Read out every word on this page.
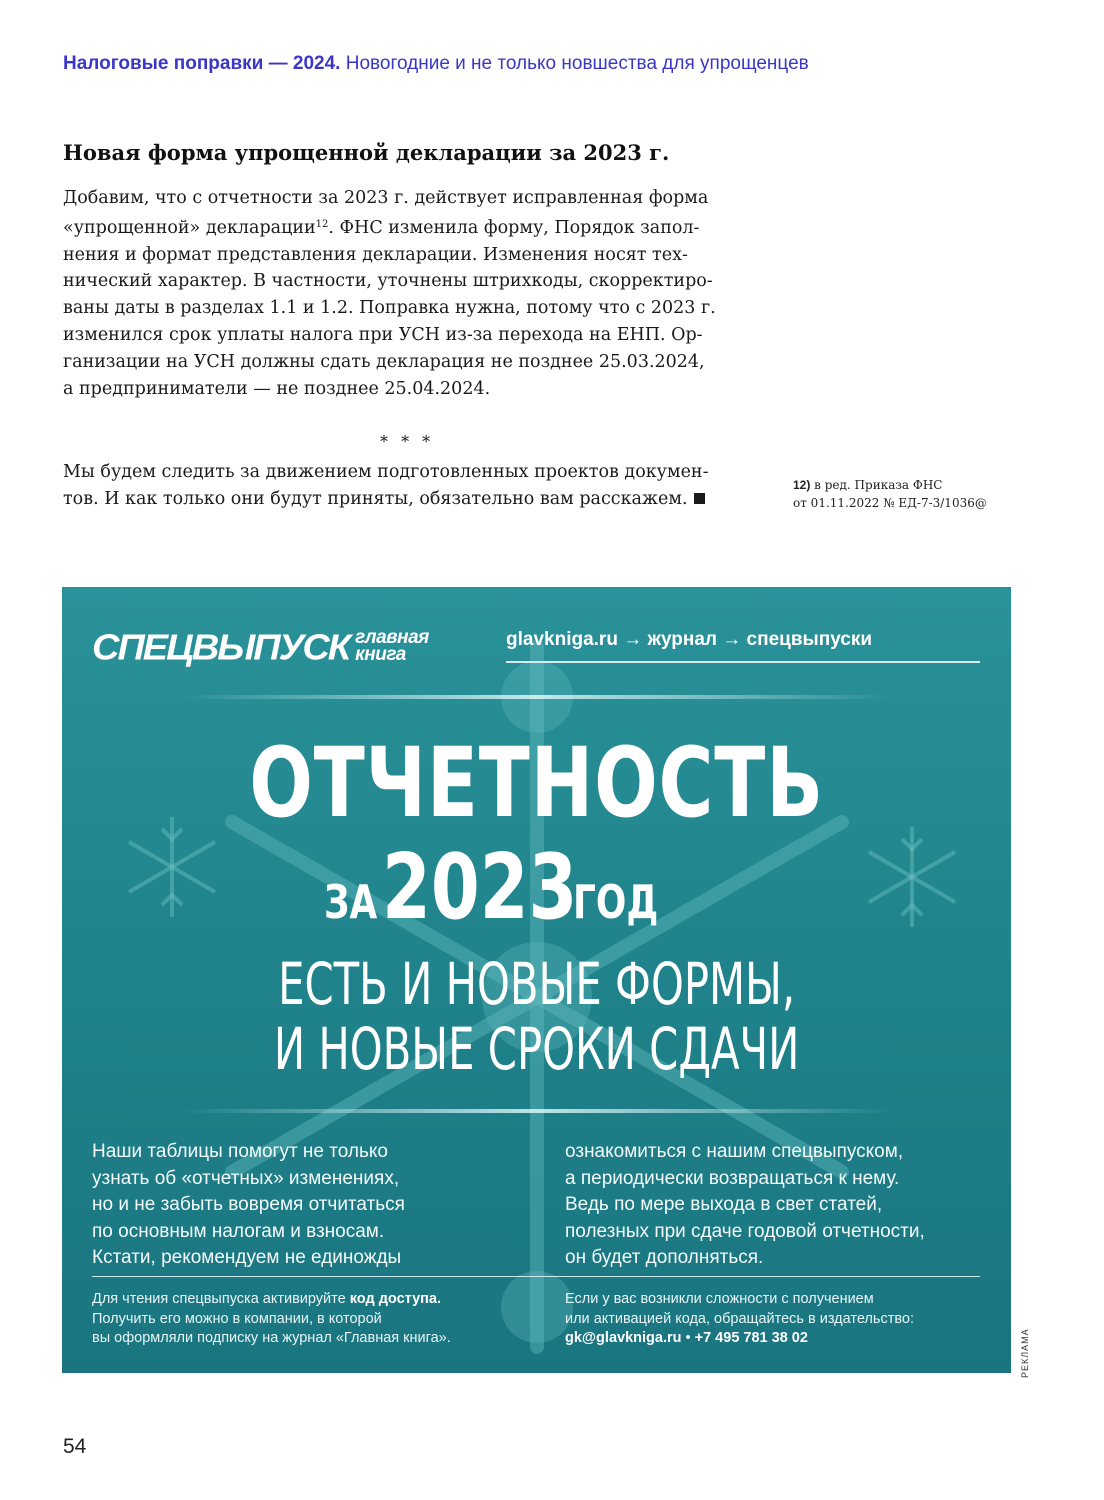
Налоговые поправки — 2024. Новогодние и не только новшества для упрощенцев
Новая форма упрощенной декларации за 2023 г.
Добавим, что с отчетности за 2023 г. действует исправленная форма
«упрощенной» декларации$^{12}$. ФНС изменила форму, Порядок запол-
нения и формат представления декларации. Изменения носят тех-
нический характер. В частности, уточнены штрихкоды, скорректиро-
ваны даты в разделах 1.1 и 1.2. Поправка нужна, потому что с 2023 г.
изменился срок уплаты налога при УСН из-за перехода на ЕНП. Ор-
ганизации на УСН должны сдать декларация не позднее 25.03.2024,
а предприниматели — не позднее 25.04.2024.
* * *
Мы будем следить за движением подготовленных проектов докумен-
тов. И как только они будут приняты, обязательно вам расскажем.
12) в ред. Приказа ФНС
от 01.11.2022 № ЕД-7-3/1036@
СПЕЦВЫПУСК главная
книга
glavkniga.ru → журнал → спецвыпуски
ОТЧЕТНОСТЬ
ЗА2023ГОД
ЕСТЬ И НОВЫЕ ФОРМЫ,
И НОВЫЕ СРОКИ СДАЧИ
Наши таблицы помогут не только
узнать об «отчетных» изменениях,
но и не забыть вовремя отчитаться
по основным налогам и взносам.
Кстати, рекомендуем не единожды
ознакомиться с нашим спецвыпуском,
а периодически возвращаться к нему.
Ведь по мере выхода в свет статей,
полезных при сдаче годовой отчетности,
он будет дополняться.
Для чтения спецвыпуска активируйте код доступа.
Получить его можно в компании, в которой
вы оформляли подписку на журнал «Главная книга».
Если у вас возникли сложности с получением
или активацией кода, обращайтесь в издательство:
gk@glavkniga.ru • +7 495 781 38 02	РЕКЛАМА
54
